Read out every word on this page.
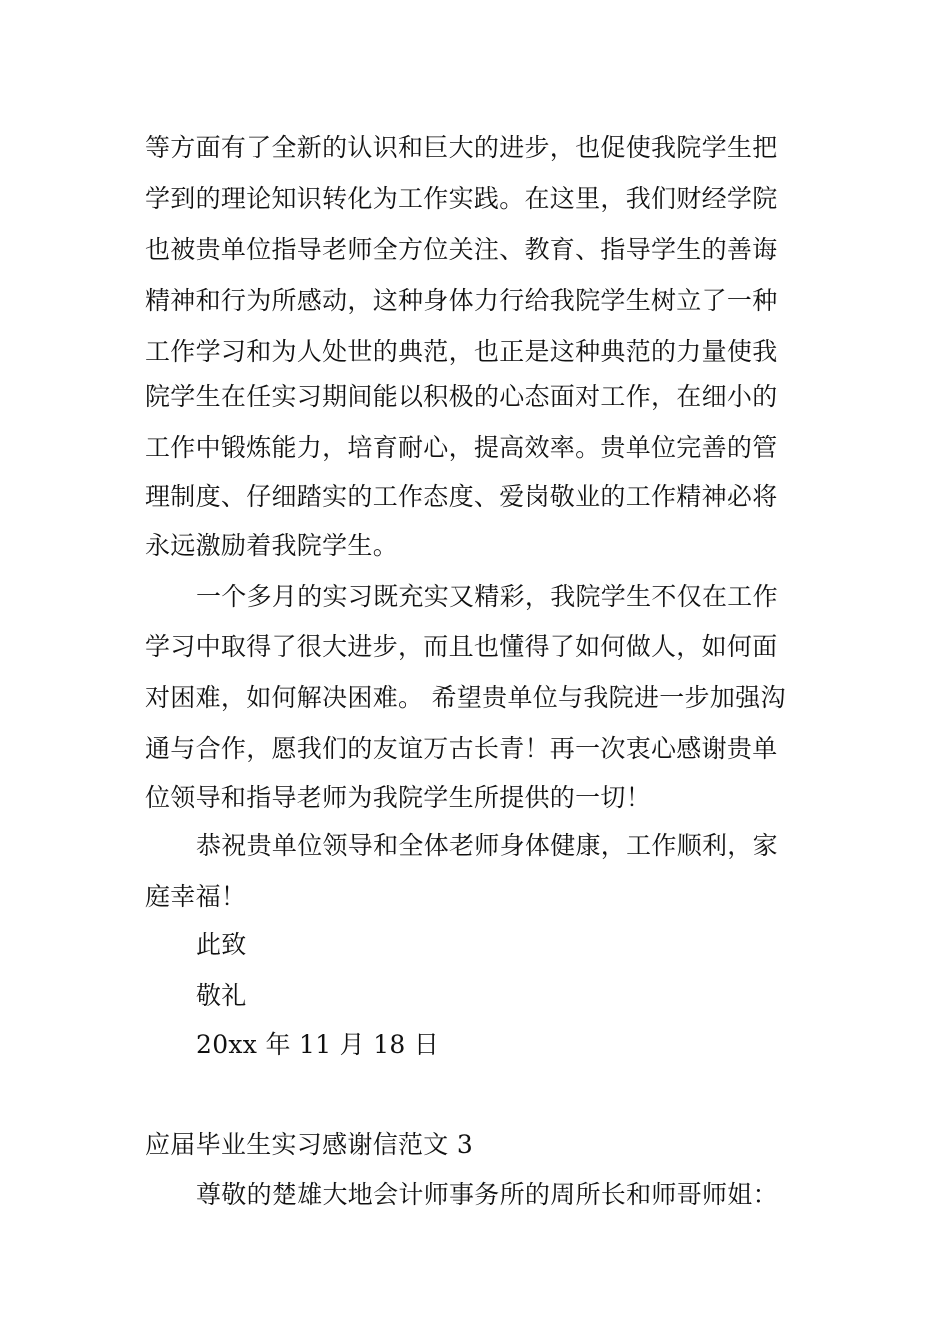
等方面有了全新的认识和巨大的进步，也促使我院学生把
学到的理论知识转化为工作实践。在这里，我们财经学院
也被贵单位指导老师全方位关注、教育、指导学生的善诲
精神和行为所感动，这种身体力行给我院学生树立了一种
工作学习和为人处世的典范，也正是这种典范的力量使我
院学生在任实习期间能以积极的心态面对工作，在细小的
工作中锻炼能力，培育耐心，提高效率。贵单位完善的管
理制度、仔细踏实的工作态度、爱岗敬业的工作精神必将
永远激励着我院学生。
一个多月的实习既充实又精彩，我院学生不仅在工作
学习中取得了很大进步，而且也懂得了如何做人，如何面
对困难，如何解决困难。 希望贵单位与我院进一步加强沟
通与合作，愿我们的友谊万古长青！再一次衷心感谢贵单
位领导和指导老师为我院学生所提供的一切！
恭祝贵单位领导和全体老师身体健康，工作顺利，家
庭幸福！
此致
敬礼
20xx 年 11 月 18 日
应届毕业生实习感谢信范文 3
尊敬的楚雄大地会计师事务所的周所长和师哥师姐：
